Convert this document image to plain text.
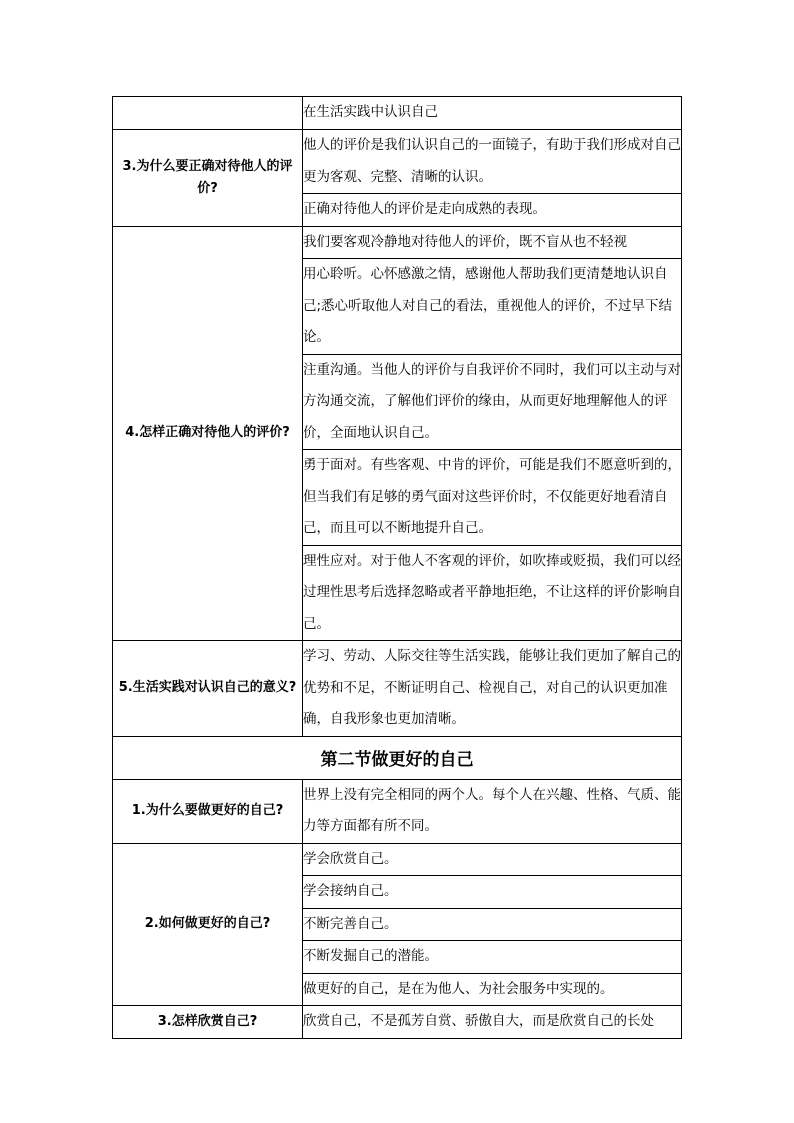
	在生活实践中认识自己
3.为什么要正确对待他人的评价?	他人的评价是我们认识自己的一面镜子，有助于我们形成对自己更为客观、完整、清晰的认识。
	正确对待他人的评价是走向成熟的表现。
4.怎样正确对待他人的评价?	我们要客观冷静地对待他人的评价，既不盲从也不轻视
	用心聆听。心怀感激之情，感谢他人帮助我们更清楚地认识自己;悉心听取他人对自己的看法，重视他人的评价，不过早下结论。
	注重沟通。当他人的评价与自我评价不同时，我们可以主动与对方沟通交流，了解他们评价的缘由，从而更好地理解他人的评价，全面地认识自己。
	勇于面对。有些客观、中肯的评价，可能是我们不愿意听到的，但当我们有足够的勇气面对这些评价时，不仅能更好地看清自己，而且可以不断地提升自己。
	理性应对。对于他人不客观的评价，如吹捧或贬损，我们可以经过理性思考后选择忽略或者平静地拒绝，不让这样的评价影响自己。
5.生活实践对认识自己的意义?	学习、劳动、人际交往等生活实践，能够让我们更加了解自己的优势和不足，不断证明自己、检视自己，对自己的认识更加准确，自我形象也更加清晰。
第二节做更好的自己	
1.为什么要做更好的自己?	世界上没有完全相同的两个人。每个人在兴趣、性格、气质、能力等方面都有所不同。
2.如何做更好的自己?	学会欣赏自己。
	学会接纳自己。
	不断完善自己。
	不断发掘自己的潜能。
	做更好的自己，是在为他人、为社会服务中实现的。
3.怎样欣赏自己?	欣赏自己，不是孤芳自赏、骄傲自大，而是欣赏自己的长处
